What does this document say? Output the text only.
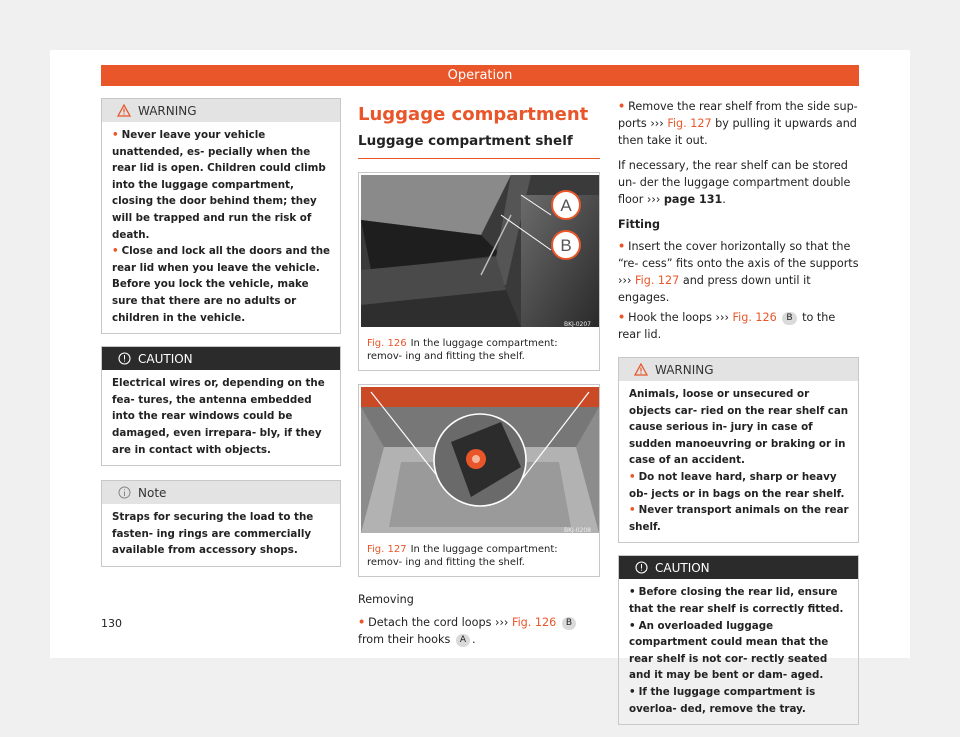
Operation
WARNING

• Never leave your vehicle unattended, es- pecially when the rear lid is open. Children could climb into the luggage compartment, closing the door behind them; they will be trapped and run the risk of death.

• Close and lock all the doors and the rear lid when you leave the vehicle. Before you lock the vehicle, make sure that there are no adults or children in the vehicle.

CAUTION

Electrical wires or, depending on the fea- tures, the antenna embedded into the rear windows could be damaged, even irrepara- bly, if they are in contact with objects.

Note

Straps for securing the load to the fasten- ing rings are commercially available from accessory shops.

Luggage compartment
Luggage compartment shelf
A
B
BKJ-0207
Fig. 126 In the luggage compartment: remov- ing and fitting the shelf.
BKJ-0208
Fig. 127 In the luggage compartment: remov- ing and fitting the shelf.

Removing

• Detach the cord loops ››› Fig. 126 B from their hooks A .

• Remove the rear shelf from the side sup- ports ››› Fig. 127 by pulling it upwards and then take it out.

If necessary, the rear shelf can be stored un- der the luggage compartment double floor ››› page 131.

Fitting

• Insert the cover horizontally so that the “re- cess” fits onto the axis of the supports ››› Fig. 127 and press down until it engages.

• Hook the loops ››› Fig. 126 B to the rear lid.

WARNING

Animals, loose or unsecured or objects car- ried on the rear shelf can cause serious in- jury in case of sudden manoeuvring or braking or in case of an accident.

• Do not leave hard, sharp or heavy ob- jects or in bags on the rear shelf.

• Never transport animals on the rear shelf.

CAUTION

• Before closing the rear lid, ensure that the rear shelf is correctly fitted.

• An overloaded luggage compartment could mean that the rear shelf is not cor- rectly seated and it may be bent or dam- aged.

• If the luggage compartment is overloa- ded, remove the tray.

130
